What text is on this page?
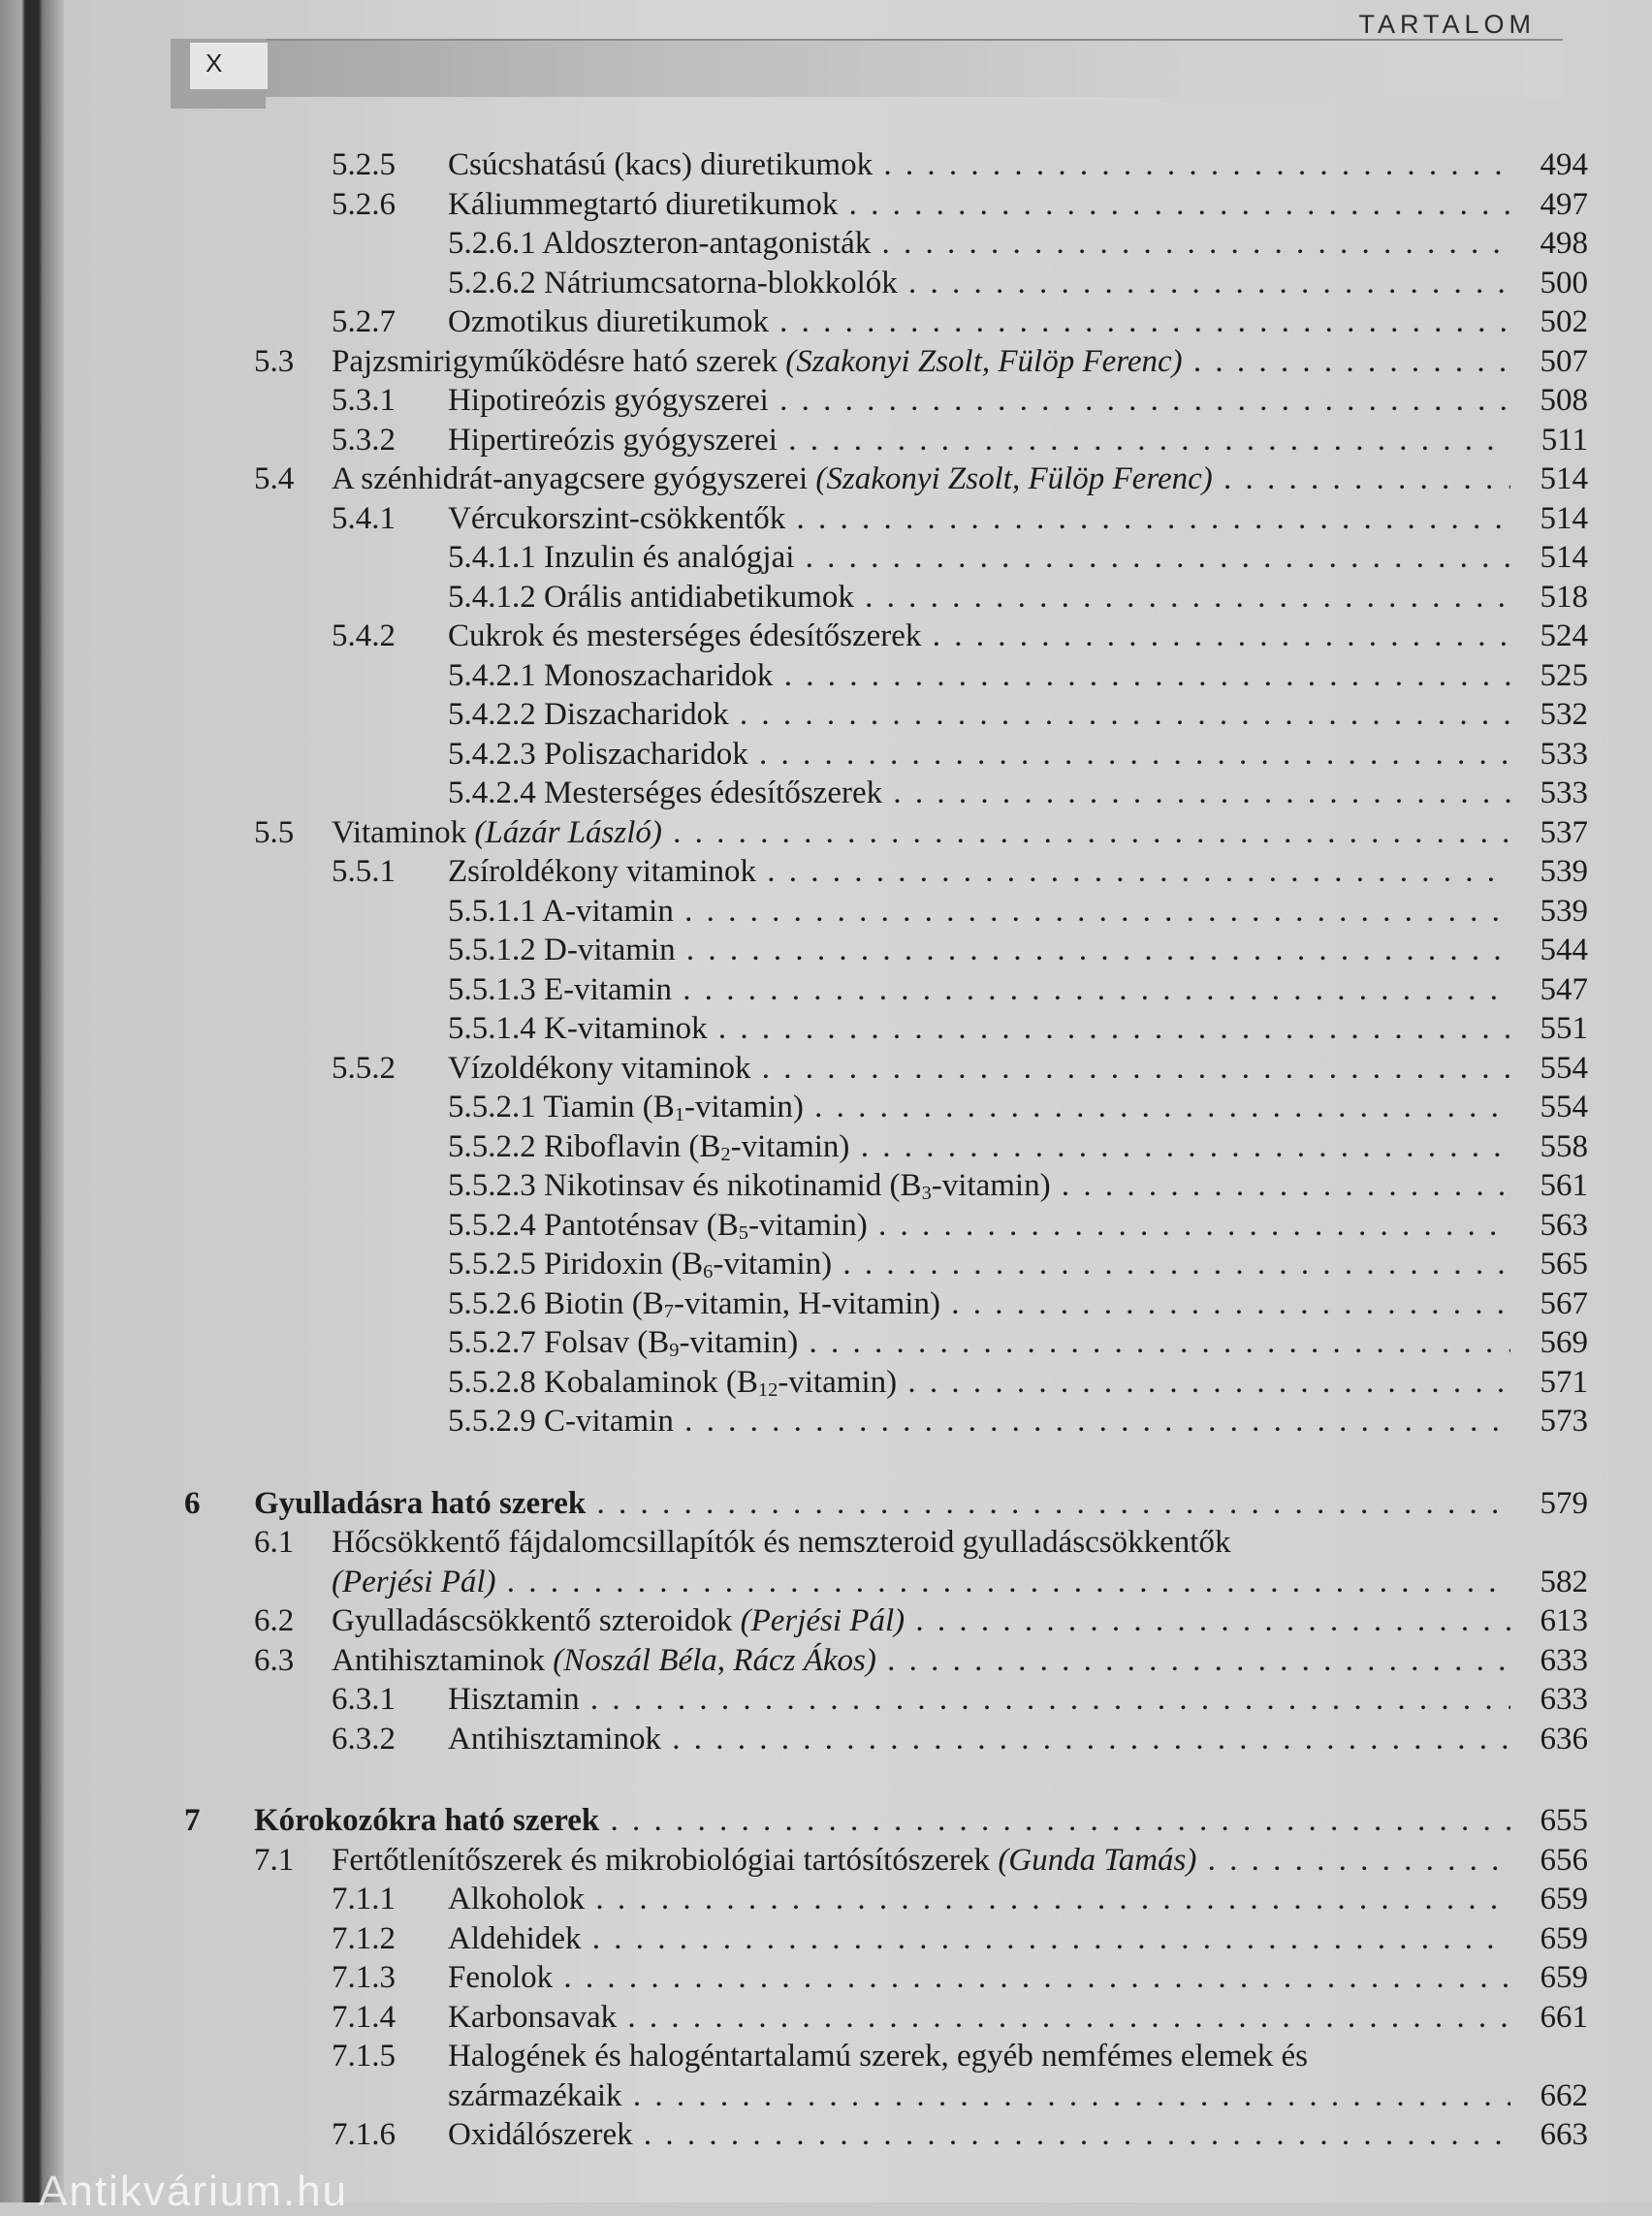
X
TARTALOM
5.2.5 Csúcshatású (kacs) diuretikumok . . .	494
5.2.6 Káliummegtartó diuretikumok . . .	497
5.2.6.1 Aldoszteron-antagonisták . . .	498
5.2.6.2 Nátriumcsatorna-blokkolók . . .	500
5.2.7 Ozmotikus diuretikumok . . .	502
5.3 Pajzsmirigyműködésre ható szerek (Szakonyi Zsolt, Fülöp Ferenc) . . .	507
5.3.1 Hipotireózis gyógyszerei . . .	508
5.3.2 Hipertireózis gyógyszerei . . .	511
5.4 A szénhidrát-anyagcsere gyógyszerei (Szakonyi Zsolt, Fülöp Ferenc) . . .	514
5.4.1 Vércukorszint-csökkentők . . .	514
5.4.1.1 Inzulin és analógjai . . .	514
5.4.1.2 Orális antidiabetikumok . . .	518
5.4.2 Cukrok és mesterséges édesítőszerek . . .	524
5.4.2.1 Monoszacharidok . . .	525
5.4.2.2 Diszacharidok . . .	532
5.4.2.3 Poliszacharidok . . .	533
5.4.2.4 Mesterséges édesítőszerek . . .	533
5.5 Vitaminok (Lázár László) . . .	537
5.5.1 Zsíroldékony vitaminok . . .	539
5.5.1.1 A-vitamin . . .	539
5.5.1.2 D-vitamin . . .	544
5.5.1.3 E-vitamin . . .	547
5.5.1.4 K-vitaminok . . .	551
5.5.2 Vízoldékony vitaminok . . .	554
5.5.2.1 Tiamin $(B_1-vitamin)$ . . .	554
5.5.2.2 Riboflavin $(B_2-vitamin)$ . . .	558
5.5.2.3 Nikotinsav és nikotinamid $(B_3-vitamin)$ . . .	561
5.5.2.4 Pantoténsav $(B_5-vitamin)$ . . .	563
5.5.2.5 Piridoxin $(B_6-vitamin)$ . . .	565
5.5.2.6 Biotin ($B_7$-vitamin, H-vitamin) . . .	567
5.5.2.7 Folsav $(B_9-vitamin)$ . . .	569
5.5.2.8 Kobalaminok $(B_{12}-vitamin)$ . . .	571
5.5.2.9 C-vitamin . . .	573
6 Gyulladásra ható szerek . . .	579
6.1 Hőcsökkentő fájdalomcsillapítók és nemszteroid gyulladáscsökkentők
(Perjési Pál) . . .	582
6.2 Gyulladáscsökkentő szteroidok (Perjési Pál) . . .	613
6.3 Antihisztaminok (Noszál Béla, Rácz Ákos) . . .	633
6.3.1 Hisztamin . . .	633
6.3.2 Antihisztaminok . . .	636
7 Kórokozókra ható szerek . . .	655
7.1 Fertőtlenítőszerek és mikrobiológiai tartósítószerek (Gunda Tamás) . . .	656
7.1.1 Alkoholok . . .	659
7.1.2 Aldehidek . . .	659
7.1.3 Fenolok . . .	659
7.1.4 Karbonsavak . . .	661
7.1.5 Halogének és halogéntartalamú szerek, egyéb nemfémes elemek és
származékaik . . .	662
7.1.6 Oxidálószerek . . .	663
Antikvárium.hu
